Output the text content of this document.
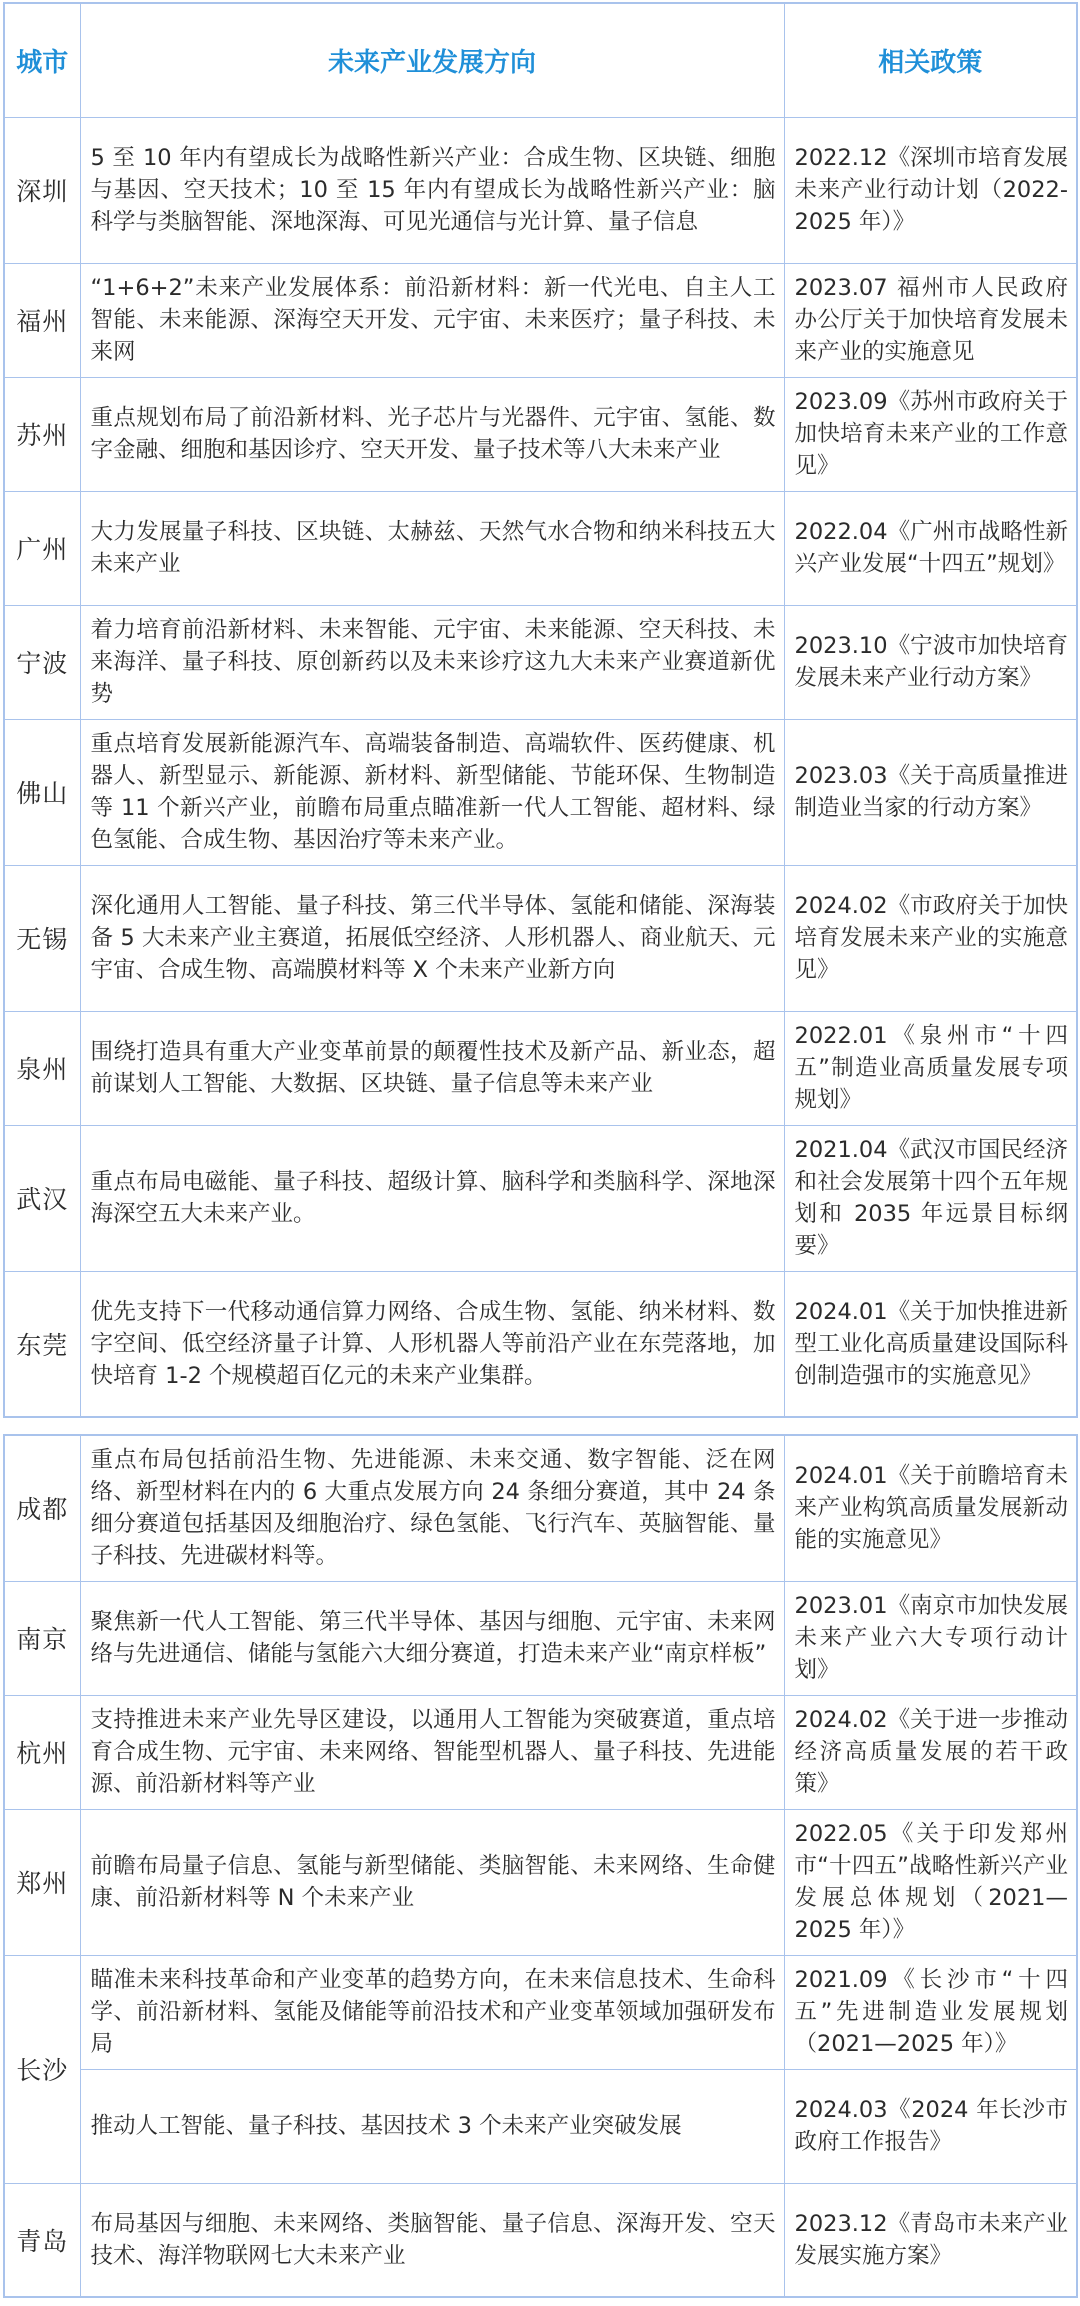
城市	未来产业发展方向	相关政策
深圳	5 至 10 年内有望成长为战略性新兴产业：合成生物、区块链、细胞与基因、空天技术；10 至 15 年内有望成长为战略性新兴产业：脑科学与类脑智能、深地深海、可见光通信与光计算、量子信息	2022.12《深圳市培育发展未来产业行动计划（2022-2025 年）》
福州	“1+6+2”未来产业发展体系：前沿新材料：新一代光电、自主人工智能、未来能源、深海空天开发、元宇宙、未来医疗；量子科技、未来网	2023.07 福州市人民政府办公厅关于加快培育发展未来产业的实施意见
苏州	重点规划布局了前沿新材料、光子芯片与光器件、元宇宙、氢能、数字金融、细胞和基因诊疗、空天开发、量子技术等八大未来产业	2023.09《苏州市政府关于加快培育未来产业的工作意见》
广州	大力发展量子科技、区块链、太赫兹、天然气水合物和纳米科技五大未来产业	2022.04《广州市战略性新兴产业发展“十四五”规划》
宁波	着力培育前沿新材料、未来智能、元宇宙、未来能源、空天科技、未来海洋、量子科技、原创新药以及未来诊疗这九大未来产业赛道新优势	2023.10《宁波市加快培育发展未来产业行动方案》
佛山	重点培育发展新能源汽车、高端装备制造、高端软件、医药健康、机器人、新型显示、新能源、新材料、新型储能、节能环保、生物制造等 11 个新兴产业，前瞻布局重点瞄准新一代人工智能、超材料、绿色氢能、合成生物、基因治疗等未来产业。	2023.03《关于高质量推进制造业当家的行动方案》
无锡	深化通用人工智能、量子科技、第三代半导体、氢能和储能、深海装备 5 大未来产业主赛道，拓展低空经济、人形机器人、商业航天、元宇宙、合成生物、高端膜材料等 X 个未来产业新方向	2024.02《市政府关于加快培育发展未来产业的实施意见》
泉州	围绕打造具有重大产业变革前景的颠覆性技术及新产品、新业态，超前谋划人工智能、大数据、区块链、量子信息等未来产业	2022.01《泉州市“十四五”制造业高质量发展专项规划》
武汉	重点布局电磁能、量子科技、超级计算、脑科学和类脑科学、深地深海深空五大未来产业。	2021.04《武汉市国民经济和社会发展第十四个五年规划和 2035 年远景目标纲要》
东莞	优先支持下一代移动通信算力网络、合成生物、氢能、纳米材料、数字空间、低空经济量子计算、人形机器人等前沿产业在东莞落地，加快培育 1-2 个规模超百亿元的未来产业集群。	2024.01《关于加快推进新型工业化高质量建设国际科创制造强市的实施意见》
成都	重点布局包括前沿生物、先进能源、未来交通、数字智能、泛在网络、新型材料在内的 6 大重点发展方向 24 条细分赛道，其中 24 条细分赛道包括基因及细胞治疗、绿色氢能、飞行汽车、英脑智能、量子科技、先进碳材料等。	2024.01《关于前瞻培育未来产业构筑高质量发展新动能的实施意见》
南京	聚焦新一代人工智能、第三代半导体、基因与细胞、元宇宙、未来网络与先进通信、储能与氢能六大细分赛道，打造未来产业“南京样板”	2023.01《南京市加快发展未来产业六大专项行动计划》
杭州	支持推进未来产业先导区建设，以通用人工智能为突破赛道，重点培育合成生物、元宇宙、未来网络、智能型机器人、量子科技、先进能源、前沿新材料等产业	2024.02《关于进一步推动经济高质量发展的若干政策》
郑州	前瞻布局量子信息、氢能与新型储能、类脑智能、未来网络、生命健康、前沿新材料等 N 个未来产业	2022.05《关于印发郑州市“十四五”战略性新兴产业发展总体规划（2021—2025 年）》
长沙	瞄准未来科技革命和产业变革的趋势方向，在未来信息技术、生命科学、前沿新材料、氢能及储能等前沿技术和产业变革领域加强研发布局	2021.09《长沙市“十四五”先进制造业发展规划（2021—2025 年）》
	推动人工智能、量子科技、基因技术 3 个未来产业突破发展	2024.03《2024 年长沙市政府工作报告》
青岛	布局基因与细胞、未来网络、类脑智能、量子信息、深海开发、空天技术、海洋物联网七大未来产业	2023.12《青岛市未来产业发展实施方案》
